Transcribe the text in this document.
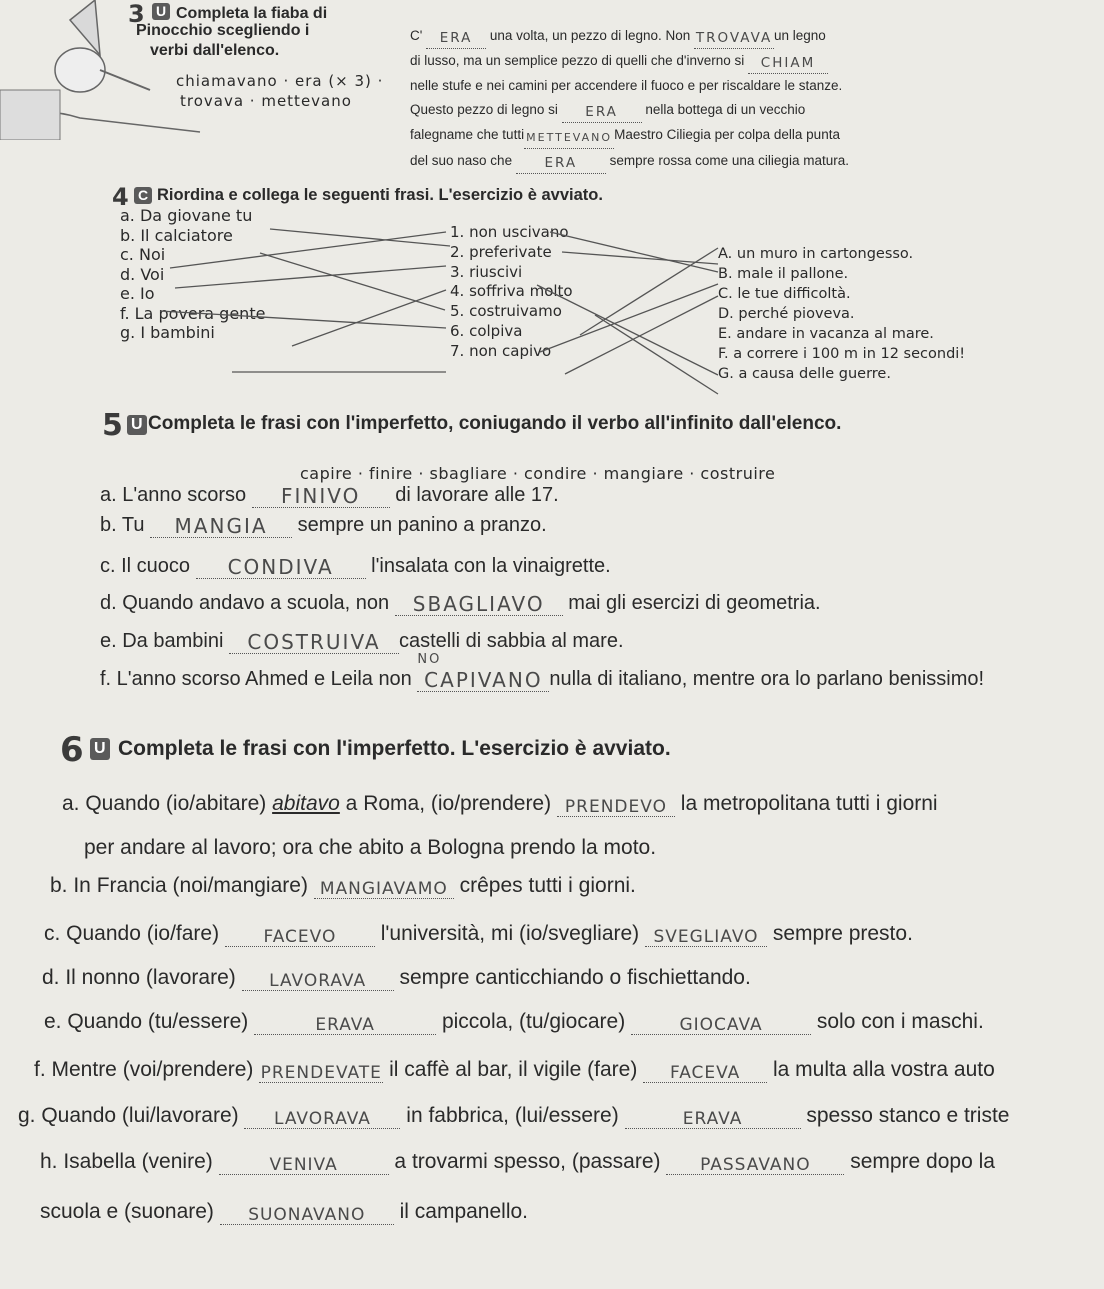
3 U Completa la fiaba di
Pinocchio scegliendo i
verbi dall'elenco.
chiamavano · era (× 3) ·
trovava · mettevano
C' ERA una volta, un pezzo di legno. Non TROVAVA un legno
di lusso, ma un semplice pezzo di quelli che d'inverno si CHIAM
nelle stufe e nei camini per accendere il fuoco e per riscaldare le stanze.
Questo pezzo di legno si ERA nella bottega di un vecchio
falegname che tutti METTEVANO Maestro Ciliegia per colpa della punta
del suo naso che ERA sempre rossa come una ciliegia matura.
4 C Riordina e collega le seguenti frasi. L'esercizio è avviato.
a. Da giovane tu
b. Il calciatore
c. Noi
d. Voi
e. Io
f. La povera gente
g. I bambini
1. non uscivano
2. preferivate
3. riuscivi
4. soffriva molto
5. costruivamo
6. colpiva
7. non capivo
A. un muro in cartongesso.
B. male il pallone.
C. le tue difficoltà.
D. perché pioveva.
E. andare in vacanza al mare.
F. a correre i 100 m in 12 secondi!
G. a causa delle guerre.
5 U Completa le frasi con l'imperfetto, coniugando il verbo all'infinito dall'elenco.
capire · finire · sbagliare · condire · mangiare · costruire
a. L'anno scorso FINIVO di lavorare alle 17.
b. Tu MANGIA sempre un panino a pranzo.
c. Il cuoco CONDIVA l'insalata con la vinaigrette.
d. Quando andavo a scuola, non SBAGLIAVO mai gli esercizi di geometria.
e. Da bambini COSTRUIVA castelli di sabbia al mare.
f. L'anno scorso Ahmed e Leila non
NO
CAPIVANO nulla di italiano, mentre ora lo parlano benissimo!
6 U Completa le frasi con l'imperfetto. L'esercizio è avviato.
a. Quando (io/abitare) abitavo a Roma, (io/prendere) PRENDEVO la metropolitana tutti i giorni
per andare al lavoro; ora che abito a Bologna prendo la moto.
b. In Francia (noi/mangiare) MANGIAVAMO crêpes tutti i giorni.
c. Quando (io/fare) FACEVO l'università, mi (io/svegliare) SVEGLIAVO sempre presto.
d. Il nonno (lavorare) LAVORAVA sempre canticchiando o fischiettando.
e. Quando (tu/essere)	ERAVA	piccola, (tu/giocare)	GIOCAVA solo con i maschi.
f. Mentre (voi/prendere) PRENDEVATE il caffè al bar, il vigile (fare) FACEVA la multa alla vostra auto
g. Quando (lui/lavorare) LAVORAVA in fabbrica, (lui/essere)	ERAVA	spesso stanco e triste
h. Isabella (venire)	VENIVA a trovarmi spesso, (passare) PASSAVANO sempre dopo la
scuola e (suonare) SUONAVANO il campanello.
